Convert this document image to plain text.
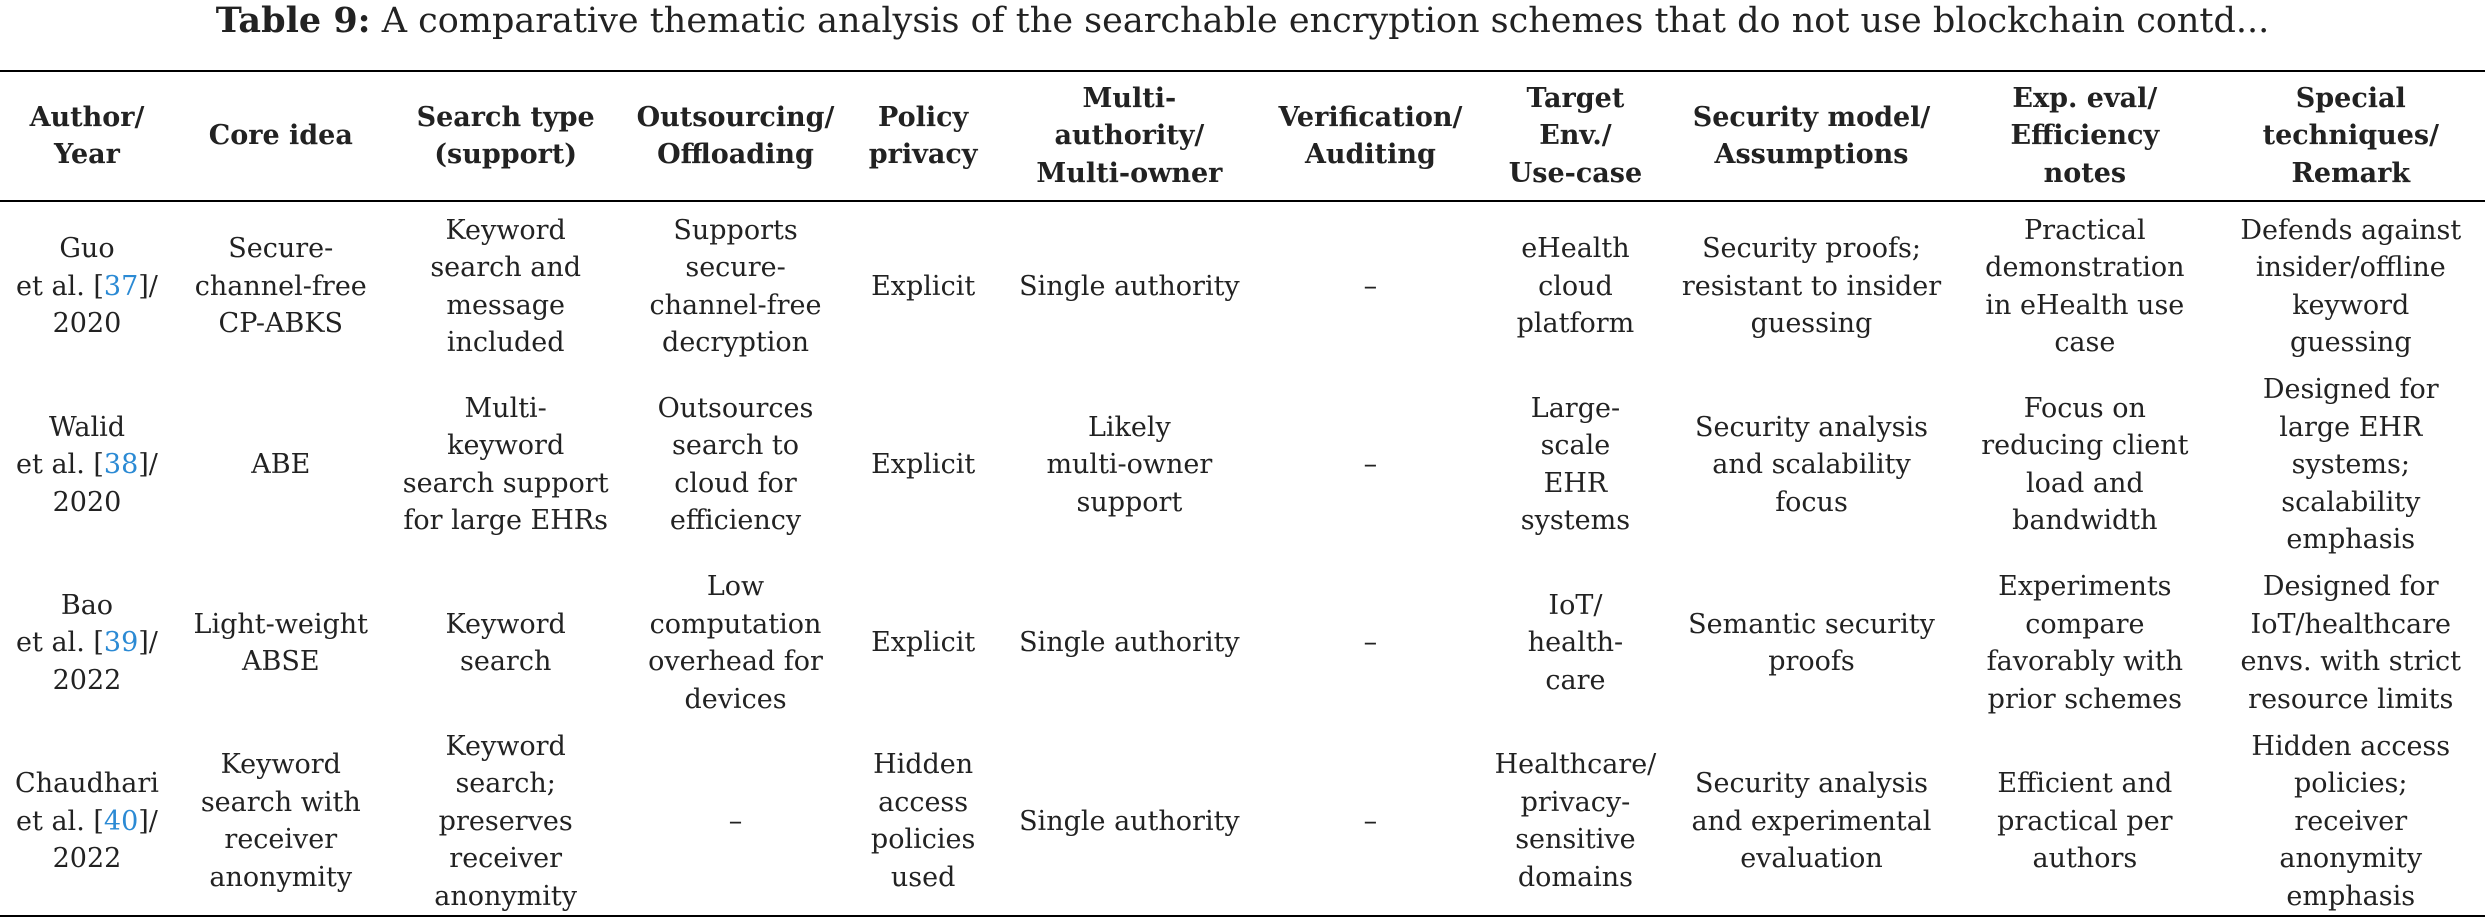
Table 9: A comparative thematic analysis of the searchable encryption schemes that do not use blockchain contd...
Author/
Year	Core idea	Search type
(support)	Outsourcing/
Offloading	Policy
privacy	Multi-
authority/
Multi-owner	Verification/
Auditing	Target
Env./
Use-case	Security model/
Assumptions	Exp. eval/
Efficiency
notes	Special
techniques/
Remark

Guo
et al. [37]/
2020	Secure-
channel-free
CP-ABKS	Keyword
search and
message
included	Supports
secure-
channel-free
decryption	Explicit	Single authority	–	eHealth
cloud
platform	Security proofs;
resistant to insider
guessing	Practical
demonstration
in eHealth use
case	Defends against
insider/offline
keyword
guessing

Walid
et al. [38]/
2020	ABE	Multi-
keyword
search support
for large EHRs	Outsources
search to
cloud for
efficiency	Explicit	Likely
multi-owner
support	–	Large-
scale
EHR
systems	Security analysis
and scalability
focus	Focus on
reducing client
load and
bandwidth	Designed for
large EHR
systems;
scalability
emphasis

Bao
et al. [39]/
2022	Light-weight
ABSE	Keyword
search	Low
computation
overhead for
devices	Explicit	Single authority	–	IoT/
health-
care	Semantic security
proofs	Experiments
compare
favorably with
prior schemes	Designed for
IoT/healthcare
envs. with strict
resource limits

Chaudhari
et al. [40]/
2022	Keyword
search with
receiver
anonymity	Keyword
search;
preserves
receiver
anonymity	–	Hidden
access
policies
used	Single authority	–	Healthcare/
privacy-
sensitive
domains	Security analysis
and experimental
evaluation	Efficient and
practical per
authors	Hidden access
policies;
receiver
anonymity
emphasis
